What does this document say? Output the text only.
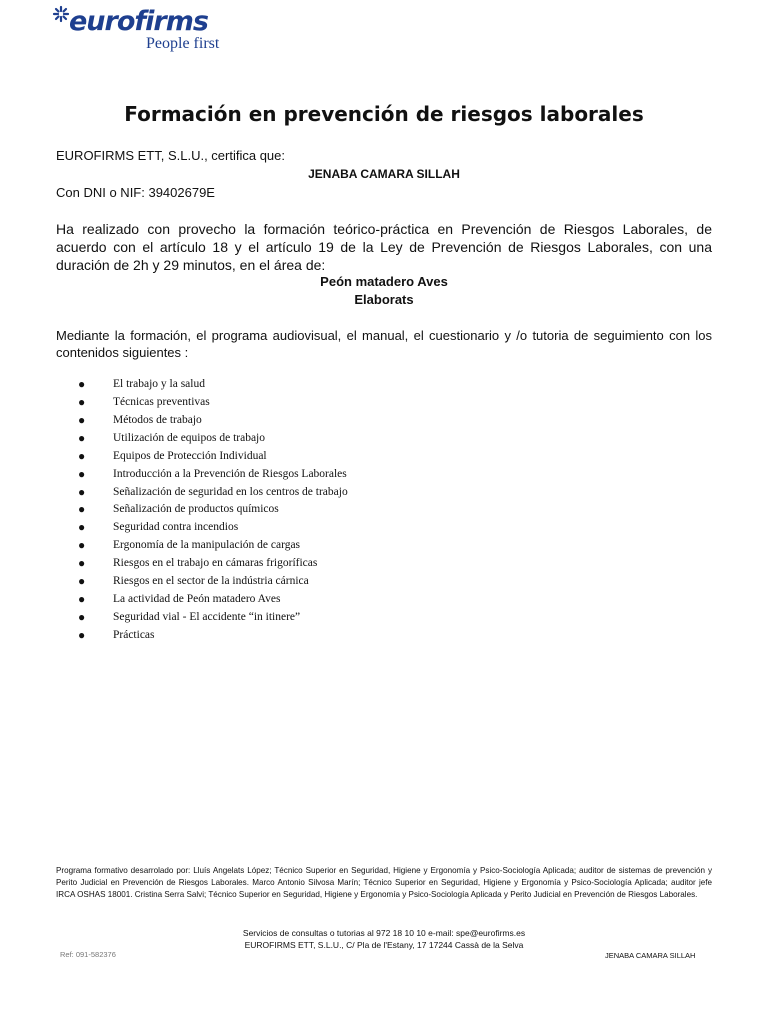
eurofirms
People first
Formación en prevención de riesgos laborales
EUROFIRMS ETT, S.L.U., certifica que:
JENABA CAMARA SILLAH
Con DNI o NIF: 39402679E
Ha realizado con provecho la formación teórico-práctica en Prevención de Riesgos Laborales, de acuerdo con el artículo 18 y el artículo 19 de la Ley de Prevención de Riesgos Laborales, con una duración de 2h y 29 minutos, en el área de:
Peón matadero Aves
Elaborats
Mediante la formación, el programa audiovisual, el manual, el cuestionario y /o tutoria de seguimiento con los contenidos siguientes :
● El trabajo y la salud
● Técnicas preventivas
● Métodos de trabajo
● Utilización de equipos de trabajo
● Equipos de Protección Individual
● Introducción a la Prevención de Riesgos Laborales
● Señalización de seguridad en los centros de trabajo
● Señalización de productos químicos
● Seguridad contra incendios
● Ergonomía de la manipulación de cargas
● Riesgos en el trabajo en cámaras frigoríficas
● Riesgos en el sector de la indústria cárnica
● La actividad de Peón matadero Aves
● Seguridad vial - El accidente “in itinere”
● Prácticas
Programa formativo desarrolado por: Lluís Angelats López; Técnico Superior en Seguridad, Higiene y Ergonomía y Psico-Sociología Aplicada; auditor de sistemas de prevención y Perito Judicial en Prevención de Riesgos Laborales. Marco Antonio Silvosa Marín; Técnico Superior en Seguridad, Higiene y Ergonomía y Psico-Sociología Aplicada; auditor jefe IRCA OSHAS 18001. Cristina Serra Salvi; Técnico Superior en Seguridad, Higiene y Ergonomía y Psico-Sociología Aplicada y Perito Judicial en Prevención de Riesgos Laborales.
Servicios de consultas o tutorias al 972 18 10 10 e-mail: spe@eurofirms.es
EUROFIRMS ETT, S.L.U., C/ Pla de l'Estany, 17 17244 Cassà de la Selva
Ref: 091-582376	JENABA CAMARA SILLAH
